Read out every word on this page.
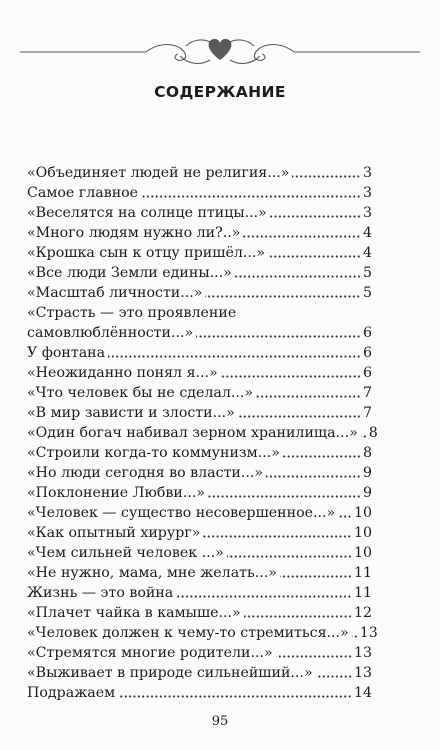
СОДЕРЖАНИЕ
«Объединяет людей не религия...»	3
Самое главное	3
«Веселятся на солнце птицы...»	3
«Много людям нужно ли?..»	4
«Крошка сын к отцу пришёл...»	4
«Все люди Земли едины...»	5
«Масштаб личности...»	5
«Страсть — это проявление
самовлюблённости...»	6
У фонтана	6
«Неожиданно понял я...»	6
«Что человек бы не сделал...»	7
«В мир зависти и злости...»	7
«Один богач набивал зерном хранилища...» 8
«Строили когда-то коммунизм...»	8
«Но люди сегодня во власти...»	9
«Поклонение Любви...»	9
«Человек — существо несовершенное...» 10
«Как опытный хирург»	10
«Чем сильней человек ...»	10
«Не нужно, мама, мне желать...»	11
Жизнь — это война	11
«Плачет чайка в камыше...»	12
«Человек должен к чему-то стремиться...» 13
«Стремятся многие родители...»	13
«Выживает в природе сильнейший...»	13
Подражаем	14
95
